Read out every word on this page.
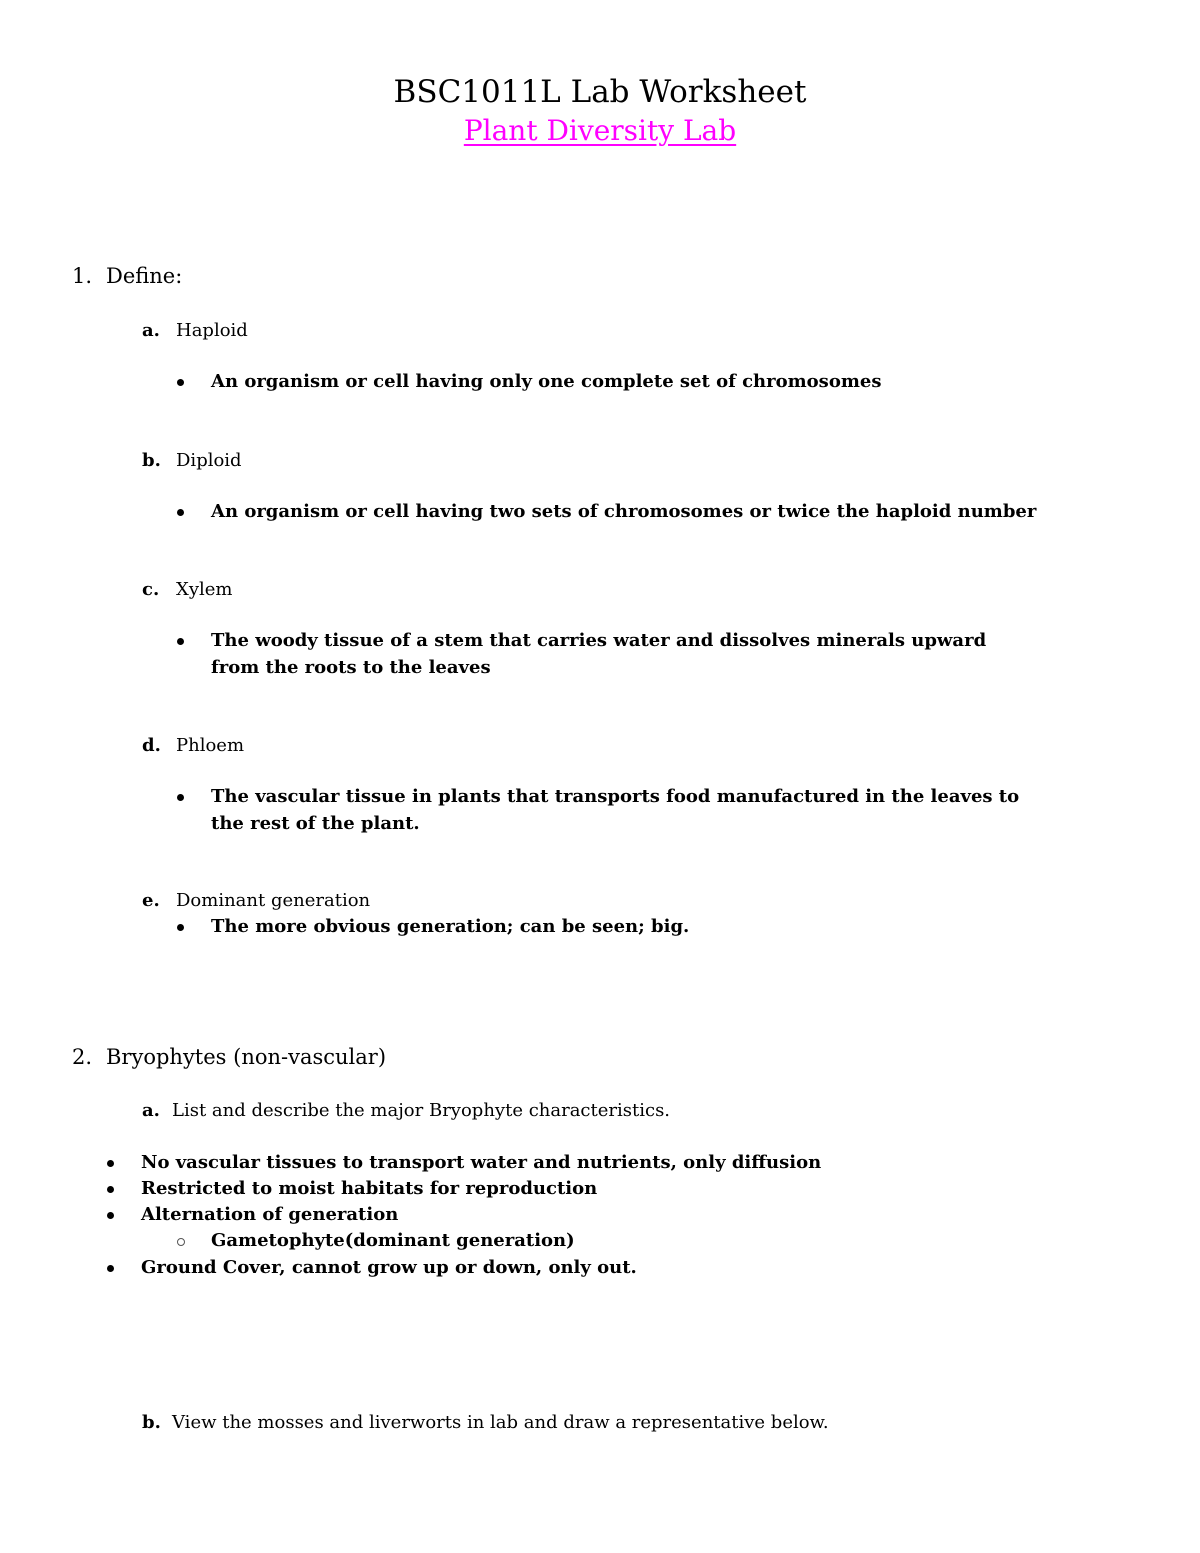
BSC1011L Lab Worksheet
Plant Diversity Lab
1. Define:
a. Haploid
An organism or cell having only one complete set of chromosomes
b. Diploid
An organism or cell having two sets of chromosomes or twice the haploid number
c. Xylem
The woody tissue of a stem that carries water and dissolves minerals upward
from the roots to the leaves
d. Phloem
The vascular tissue in plants that transports food manufactured in the leaves to
the rest of the plant.
e. Dominant generation
The more obvious generation; can be seen; big.
2. Bryophytes (non-vascular)
a. List and describe the major Bryophyte characteristics.
No vascular tissues to transport water and nutrients, only diffusion
Restricted to moist habitats for reproduction
Alternation of generation
Gametophyte(dominant generation)
Ground Cover, cannot grow up or down, only out.
b. View the mosses and liverworts in lab and draw a representative below.
